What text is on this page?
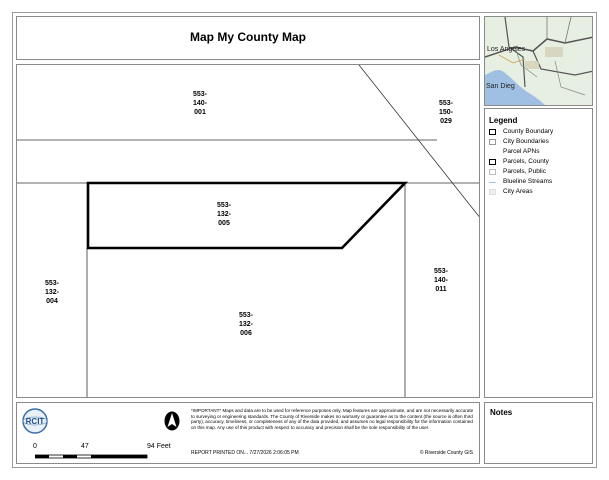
Map My County Map
553-
140-
001
553-
150-
029
553-
132-
005
553-
132-
004
553-
140-
011
553-
132-
006
Los Angeles
San Dieg
Legend
County Boundary
City Boundaries
Parcel APNs
Parcels, County
Parcels, Public
Blueline Streams
City Areas
RCIT
*IMPORTANT* Maps and data are to be used for reference purposes only. Map features are approximate, and are not necessarily accurate to surveying or engineering standards. The County of Riverside makes no warranty or guarantee as to the content (the source is often third party), accuracy, timeliness, or completeness of any of the data provided, and assumes no legal responsibility for the information contained on this map. Any use of this product with respect to accuracy and precision shall be the sole responsibility of the user.
0	47	94 Feet
REPORT PRINTED ON... 7/27/2026 2:06:05 PM	© Riverside County GIS
Notes
